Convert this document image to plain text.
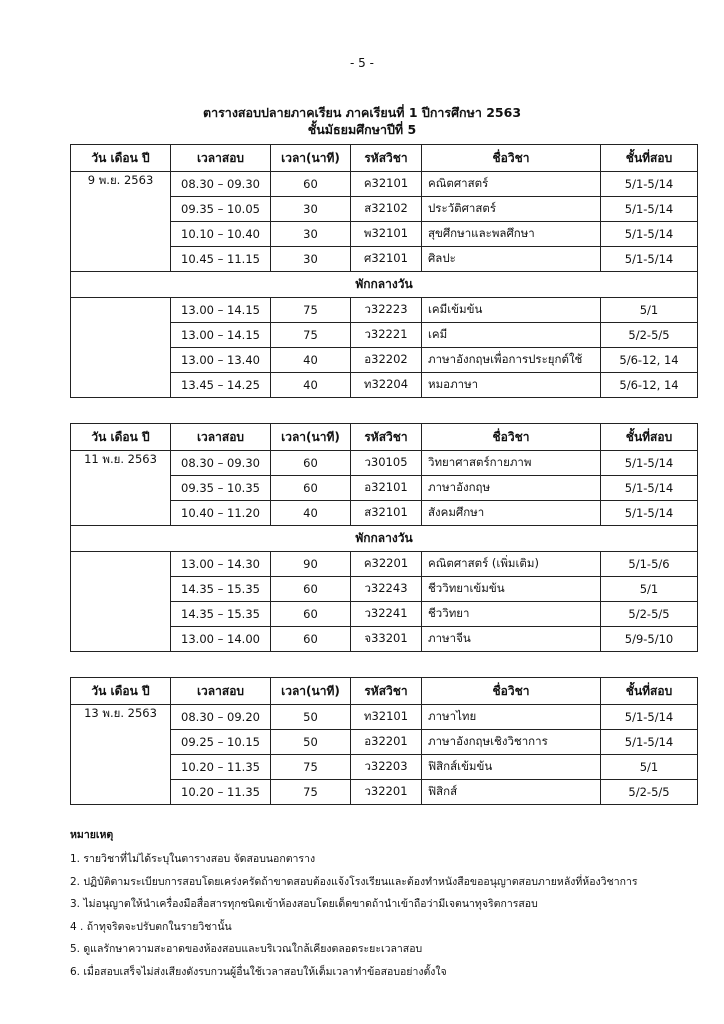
- 5 -
ตารางสอบปลายภาคเรียน ภาคเรียนที่ 1 ปีการศึกษา 2563
ชั้นมัธยมศึกษาปีที่ 5
วัน เดือน ปี	เวลาสอบ	เวลา(นาที)	รหัสวิชา	ชื่อวิชา	ชั้นที่สอบ
9 พ.ย. 2563	08.30 – 09.30	60	ค32101	คณิตศาสตร์	5/1-5/14
	09.35 – 10.05	30	ส32102	ประวัติศาสตร์	5/1-5/14
	10.10 – 10.40	30	พ32101	สุขศึกษาและพลศึกษา	5/1-5/14
	10.45 – 11.15	30	ศ32101	ศิลปะ	5/1-5/14
พักกลางวัน					
	13.00 – 14.15	75	ว32223	เคมีเข้มข้น	5/1
	13.00 – 14.15	75	ว32221	เคมี	5/2-5/5
	13.00 – 13.40	40	อ32202	ภาษาอังกฤษเพื่อการประยุกต์ใช้	5/6-12, 14
	13.45 – 14.25	40	ท32204	หมอภาษา	5/6-12, 14
วัน เดือน ปี	เวลาสอบ	เวลา(นาที)	รหัสวิชา	ชื่อวิชา	ชั้นที่สอบ
11 พ.ย. 2563	08.30 – 09.30	60	ว30105	วิทยาศาสตร์กายภาพ	5/1-5/14
	09.35 – 10.35	60	อ32101	ภาษาอังกฤษ	5/1-5/14
	10.40 – 11.20	40	ส32101	สังคมศึกษา	5/1-5/14
พักกลางวัน					
	13.00 – 14.30	90	ค32201	คณิตศาสตร์ (เพิ่มเติม)	5/1-5/6
	14.35 – 15.35	60	ว32243	ชีววิทยาเข้มข้น	5/1
	14.35 – 15.35	60	ว32241	ชีววิทยา	5/2-5/5
	13.00 – 14.00	60	จ33201	ภาษาจีน	5/9-5/10
วัน เดือน ปี	เวลาสอบ	เวลา(นาที)	รหัสวิชา	ชื่อวิชา	ชั้นที่สอบ
13 พ.ย. 2563	08.30 – 09.20	50	ท32101	ภาษาไทย	5/1-5/14
	09.25 – 10.15	50	อ32201	ภาษาอังกฤษเชิงวิชาการ	5/1-5/14
	10.20 – 11.35	75	ว32203	ฟิสิกส์เข้มข้น	5/1
	10.20 – 11.35	75	ว32201	ฟิสิกส์	5/2-5/5
หมายเหตุ
1. รายวิชาที่ไม่ได้ระบุในตารางสอบ จัดสอบนอกตาราง
2. ปฏิบัติตามระเบียบการสอบโดยเคร่งครัดถ้าขาดสอบต้องแจ้งโรงเรียนและต้องทำหนังสือขออนุญาตสอบภายหลังที่ห้องวิชาการ
3. ไม่อนุญาตให้นำเครื่องมือสื่อสารทุกชนิดเข้าห้องสอบโดยเด็ดขาดถ้านำเข้าถือว่ามีเจตนาทุจริตการสอบ
4 . ถ้าทุจริตจะปรับตกในรายวิชานั้น
5. ดูแลรักษาความสะอาดของห้องสอบและบริเวณใกล้เคียงตลอดระยะเวลาสอบ
6. เมื่อสอบเสร็จไม่ส่งเสียงดังรบกวนผู้อื่นใช้เวลาสอบให้เต็มเวลาทำข้อสอบอย่างตั้งใจ
